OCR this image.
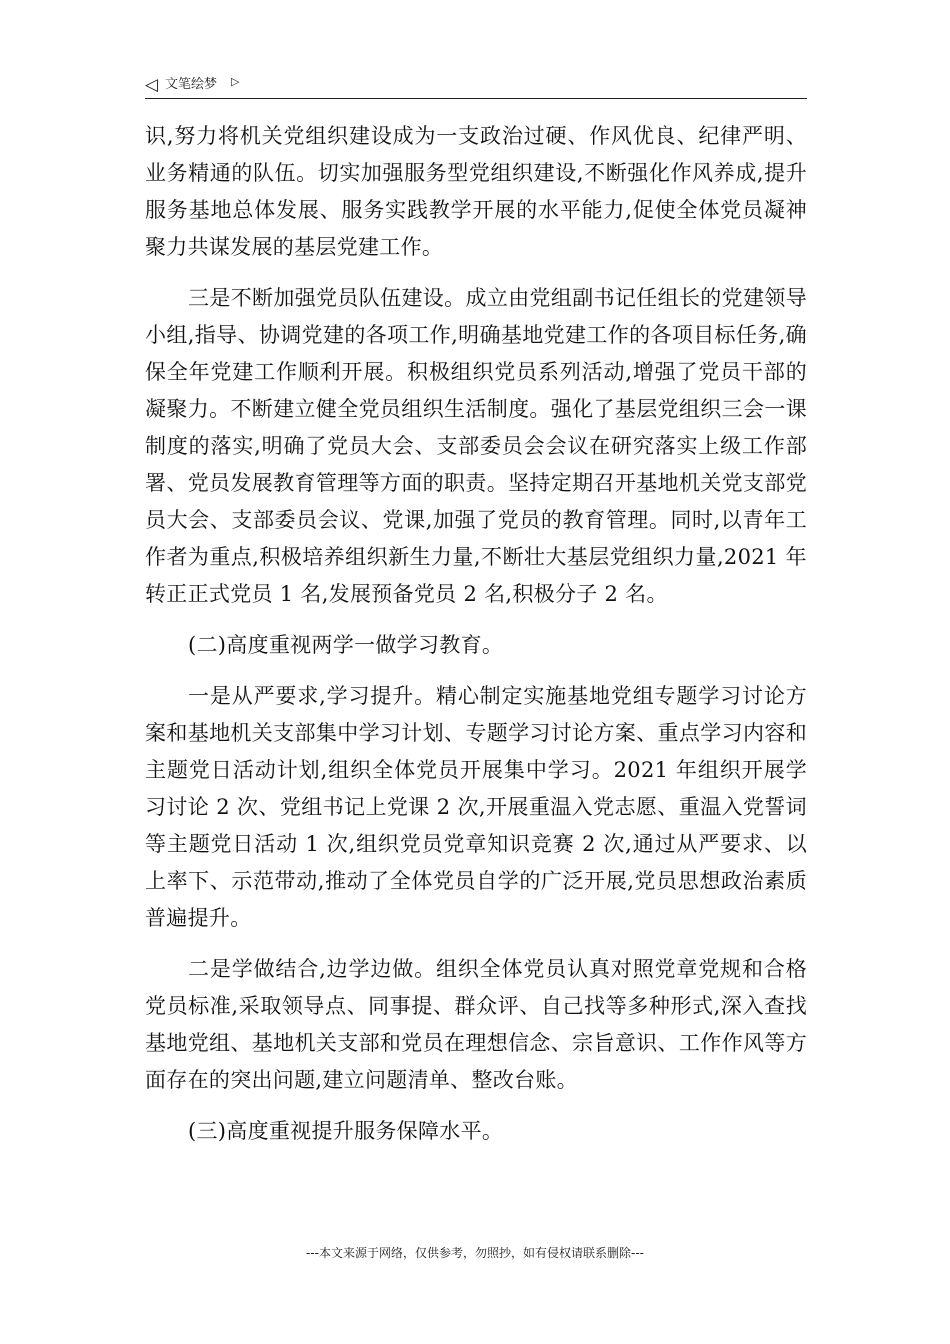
◁ 文笔绘梦 ▷

识,努力将机关党组织建设成为一支政治过硬、作风优良、纪律严明、业务精通的队伍。切实加强服务型党组织建设,不断强化作风养成,提升服务基地总体发展、服务实践教学开展的水平能力,促使全体党员凝神聚力共谋发展的基层党建工作。

三是不断加强党员队伍建设。成立由党组副书记任组长的党建领导小组,指导、协调党建的各项工作,明确基地党建工作的各项目标任务,确保全年党建工作顺利开展。积极组织党员系列活动,增强了党员干部的凝聚力。不断建立健全党员组织生活制度。强化了基层党组织三会一课制度的落实,明确了党员大会、支部委员会会议在研究落实上级工作部署、党员发展教育管理等方面的职责。坚持定期召开基地机关党支部党员大会、支部委员会议、党课,加强了党员的教育管理。同时,以青年工作者为重点,积极培养组织新生力量,不断壮大基层党组织力量,2021 年转正正式党员 1 名,发展预备党员 2 名,积极分子 2 名。

(二)高度重视两学一做学习教育。

一是从严要求,学习提升。精心制定实施基地党组专题学习讨论方案和基地机关支部集中学习计划、专题学习讨论方案、重点学习内容和主题党日活动计划,组织全体党员开展集中学习。2021 年组织开展学习讨论 2 次、党组书记上党课 2 次,开展重温入党志愿、重温入党誓词等主题党日活动 1 次,组织党员党章知识竞赛 2 次,通过从严要求、以上率下、示范带动,推动了全体党员自学的广泛开展,党员思想政治素质普遍提升。

二是学做结合,边学边做。组织全体党员认真对照党章党规和合格党员标准,采取领导点、同事提、群众评、自己找等多种形式,深入查找基地党组、基地机关支部和党员在理想信念、宗旨意识、工作作风等方面存在的突出问题,建立问题清单、整改台账。

(三)高度重视提升服务保障水平。

---本文来源于网络，仅供参考，勿照抄，如有侵权请联系删除---
